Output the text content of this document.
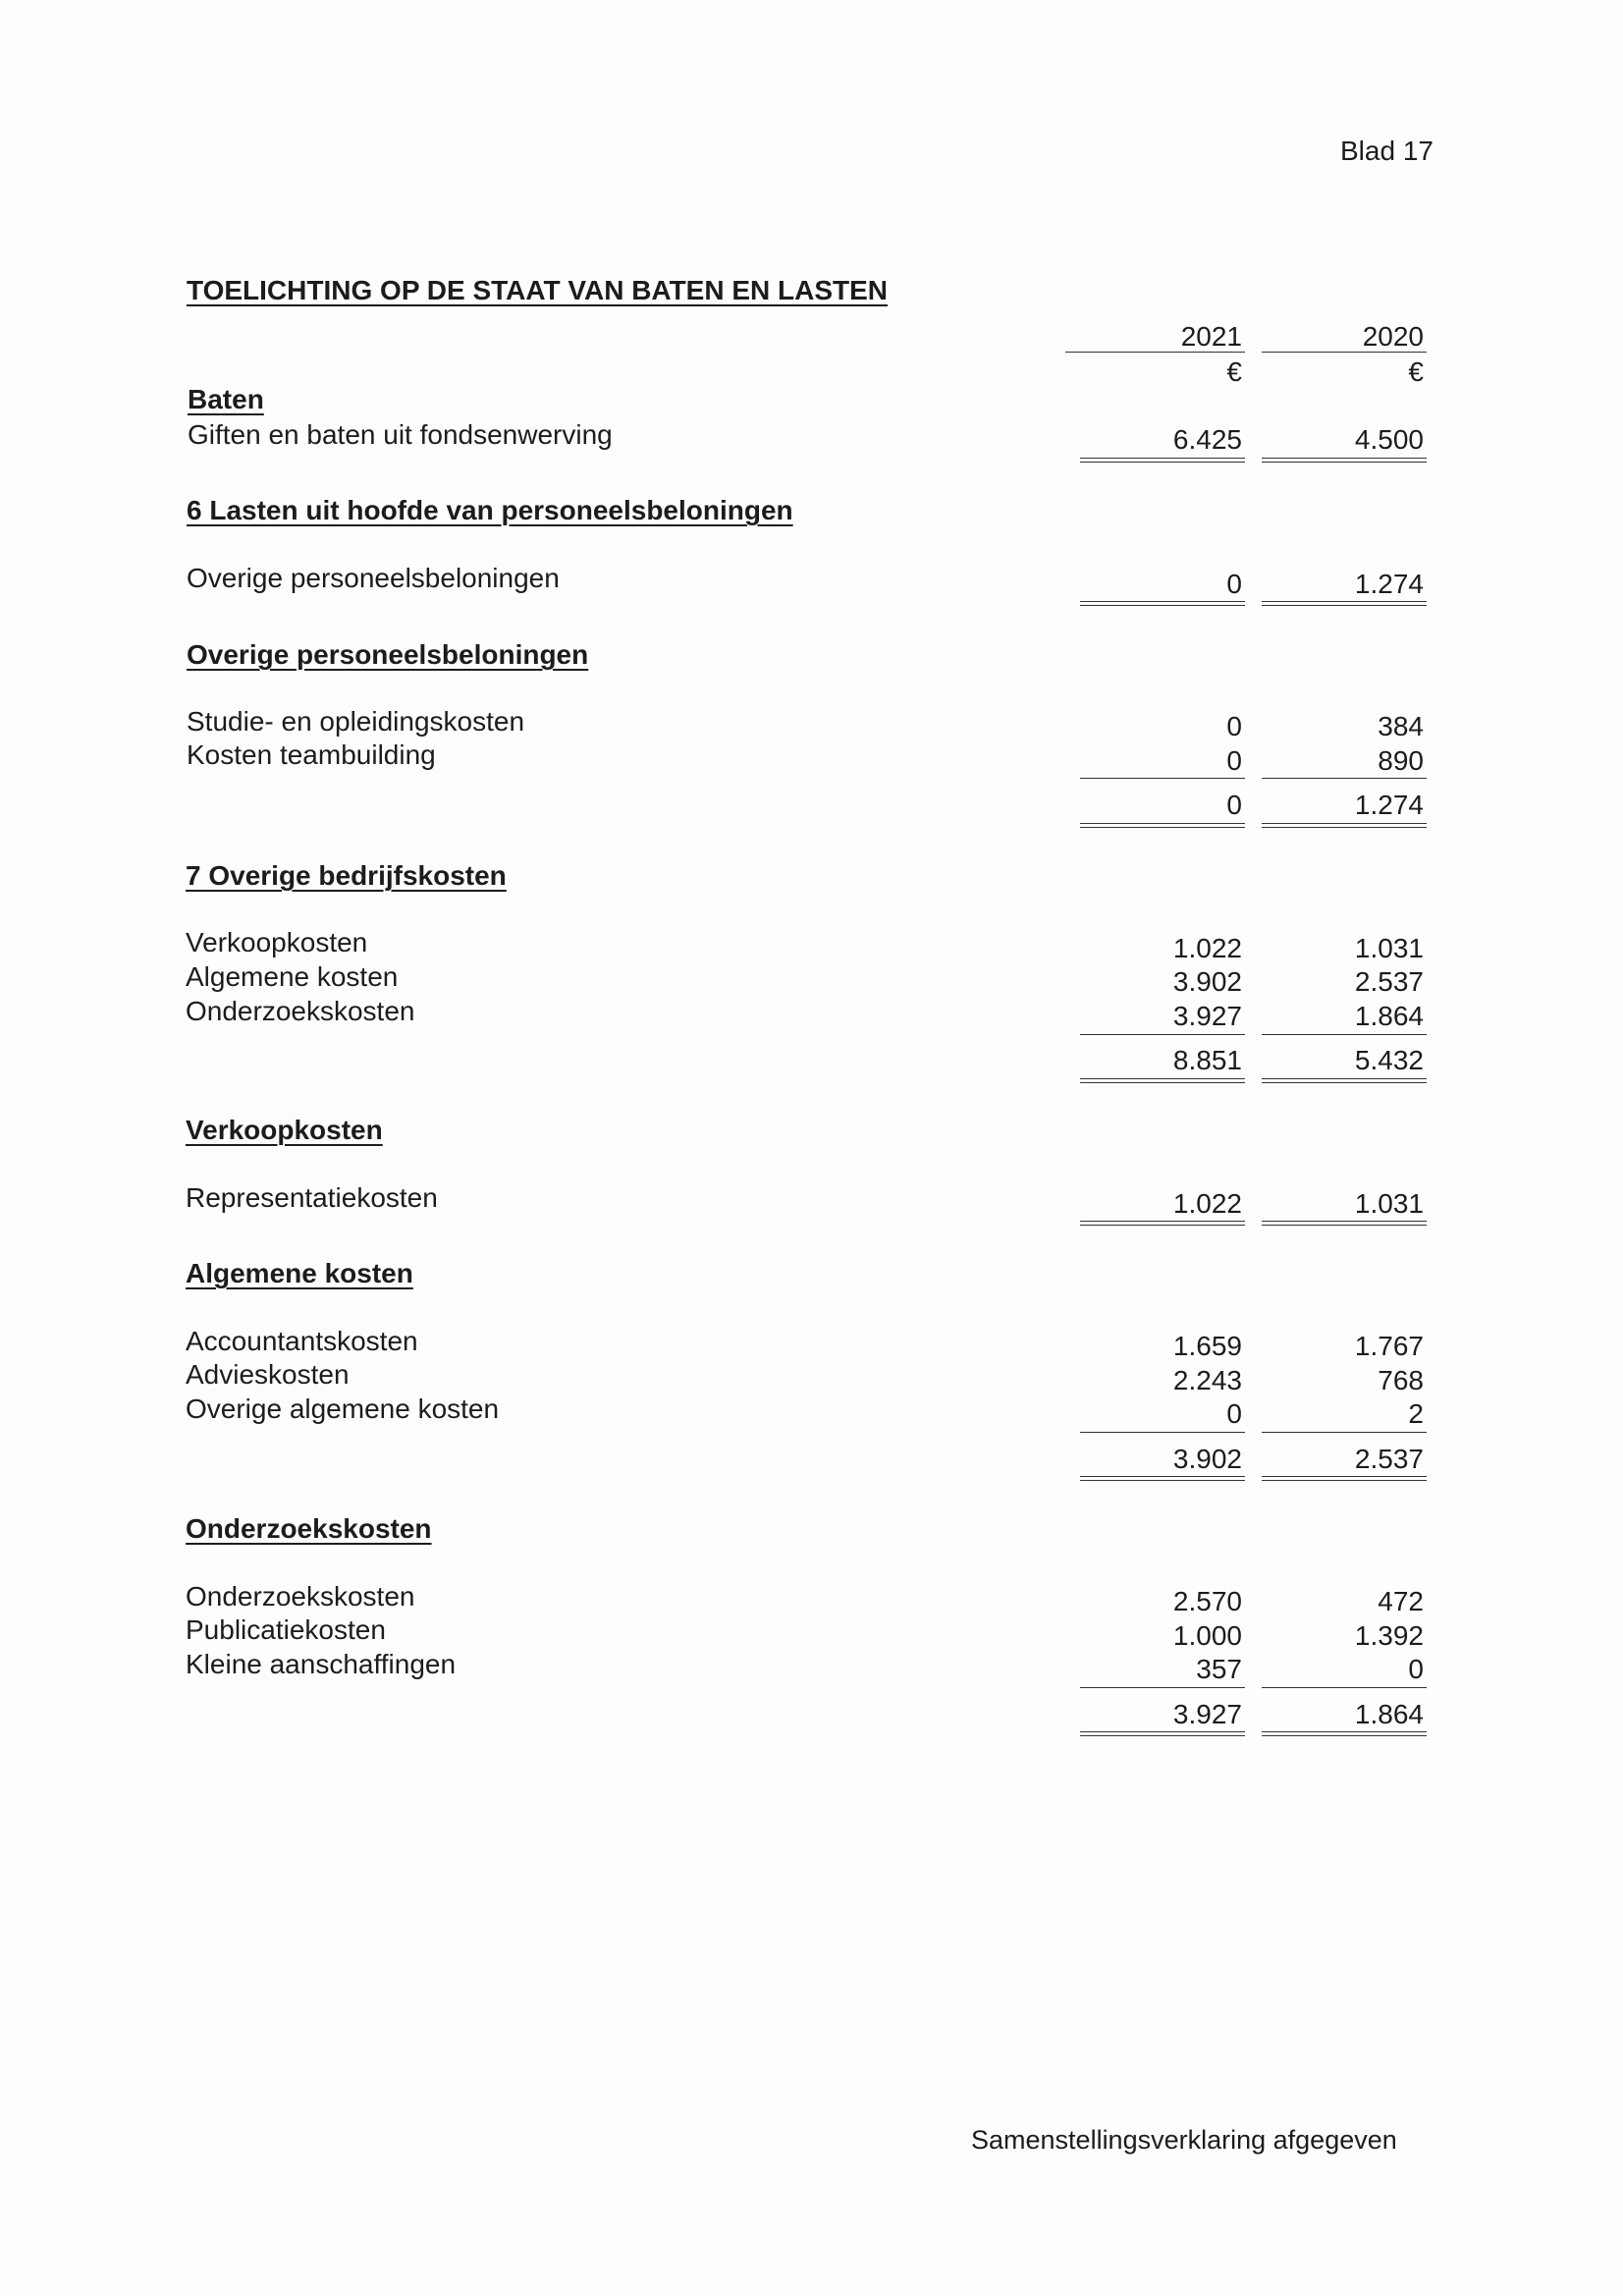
Blad 17
TOELICHTING OP DE STAAT VAN BATEN EN LASTEN
2021	2020
€	€
Baten
Giften en baten uit fondsenwerving	6.425	4.500
6 Lasten uit hoofde van personeelsbeloningen
Overige personeelsbeloningen	0	1.274
Overige personeelsbeloningen
Studie- en opleidingskosten	0	384
Kosten teambuilding	0	890
0	1.274
7 Overige bedrijfskosten
Verkoopkosten	1.022	1.031
Algemene kosten	3.902	2.537
Onderzoekskosten	3.927	1.864
8.851	5.432
Verkoopkosten
Representatiekosten	1.022	1.031
Algemene kosten
Accountantskosten	1.659	1.767
Advieskosten	2.243	768
Overige algemene kosten	0	2
3.902	2.537
Onderzoekskosten
Onderzoekskosten	2.570	472
Publicatiekosten	1.000	1.392
Kleine aanschaffingen	357	0
3.927	1.864
Samenstellingsverklaring afgegeven
